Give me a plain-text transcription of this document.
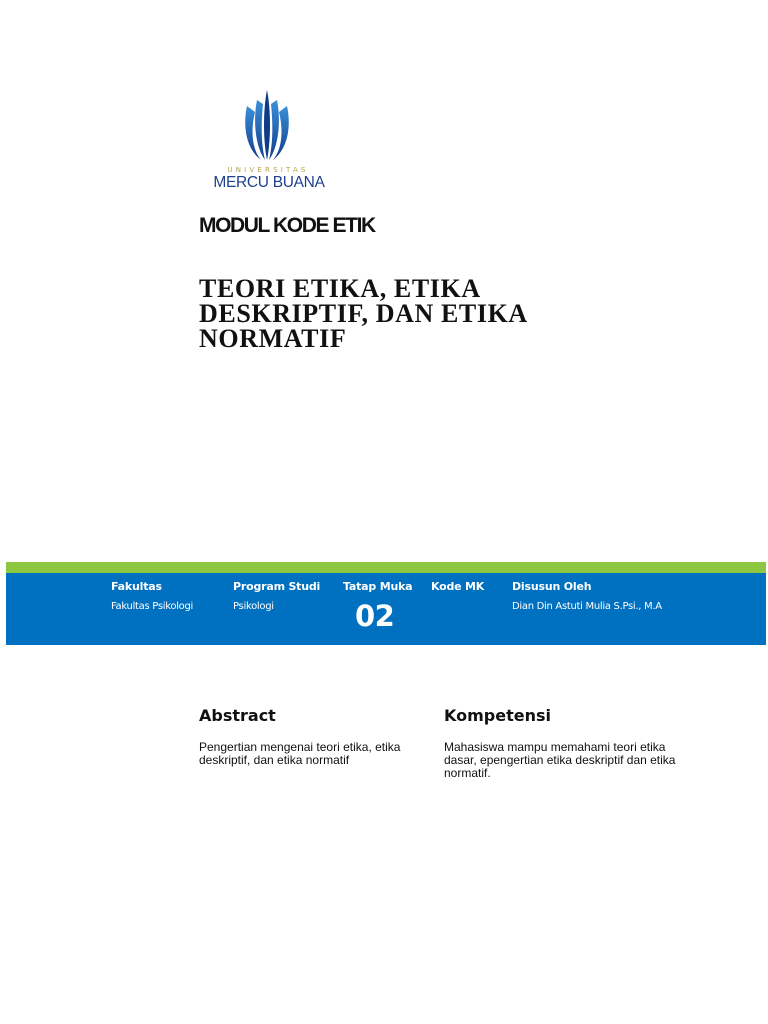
UNIVERSITAS
MERCU BUANA
MODUL KODE ETIK
TEORI ETIKA, ETIKA DESKRIPTIF, DAN ETIKA NORMATIF
Fakultas
Fakultas Psikologi
Program Studi
Psikologi
Tatap Muka
02
Kode MK	Disusun Oleh
Dian Din Astuti Mulia S.Psi., M.A
Abstract

Pengertian mengenai teori etika, etika deskriptif, dan etika normatif

Kompetensi

Mahasiswa mampu memahami teori etika dasar, epengertian etika deskriptif dan etika normatif.
